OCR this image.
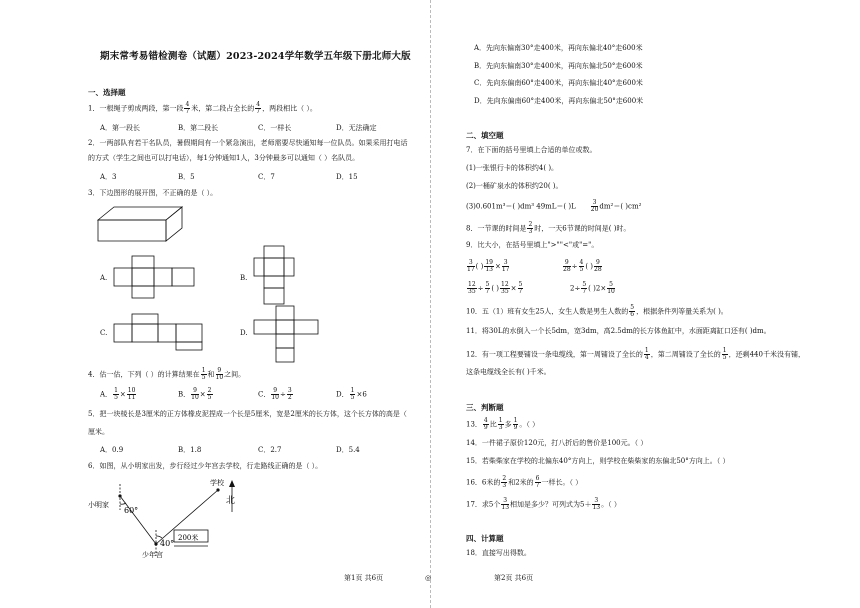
期末常考易错检测卷（试题）2023-2024学年数学五年级下册北师大版
一、选择题
1．一根绳子剪成两段，第一段 $\frac{4}{7}$ 米，第二段占全长的 $\frac{4}{7}$ ，两段相比（ ）。
A．第一段长	B．第二段长	C．一样长	D．无法确定
2．一两部队有若干名队员，暑假期间有一个紧急演出，老师需要尽快通知每一位队员。如果采用打电话
的方式（学生之间也可以打电话），每1分钟通知1人，3分钟最多可以通知（ ）名队员。
A．3	B．5	C．7	D．15
3．下边图形的展开图，不正确的是（ ）。
A.	B.
C.	D.
4．估一估，下列（ ）的计算结果在 $\frac{1}{5}$ 和 $\frac{9}{10}$ 之间。
A． $\frac{1}{5} \times \frac{10}{11}$	B． $\frac{9}{10} \times \frac{2}{5}$	C． $\frac{9}{10} \div \frac{3}{2}$	D． $\frac{1}{5} \times 6$
5．把一块棱长是3厘米的正方体橡皮泥捏成一个长是5厘米，宽是2厘米的长方体，这个长方体的高是（
厘米。
A．0.9	B．1.8	C．2.7	D．5.4
6．如图，从小明家出发，步行经过少年宫去学校，行走路线正确的是（ ）。
学校
小明家
少年宫
北
60°
40°
200米
第1页 共6页	◎
A．先向东偏南30°走400米，再向东偏北40°走600米
B．先向东偏南30°走400米，再向东偏北50°走600米
C．先向东偏南60°走400米，再向东偏北40°走600米
D．先向东偏南60°走400米，再向东偏北50°走600米
二、填空题
7．在下面的括号里填上合适的单位或数。
(1)一张银行卡的体积约4( )。
(2)一桶矿泉水的体积约20( )。
(3)0.601m³＝( )dm³ 49mL＝( )L	$\frac{3}{20} dm^2=$( )cm²
8．一节课的时间是 $\frac{2}{3}$ 时，一天6节课的时间是( )时。
9．比大小，在括号里填上">""<"或"="。
$\frac{3}{17}$ ( ) $\frac{19}{13} \times \frac{3}{17}$	$\frac{9}{28} \div \frac{4}{5}$ ( ) $\frac{9}{28}$
$\frac{12}{35} \div \frac{5}{7}$ ( ) $\frac{12}{35} \times \frac{5}{7}$	$2\div \frac{5}{7}$ ( )$2\times \frac{5}{10}$
10．五（1）班有女生25人，女生人数是男生人数的 $\frac{5}{6}$ ，根据条件列等量关系为( )。
11．将30L的水倒入一个长5dm，宽3dm，高2.5dm的长方体鱼缸中，水面距离缸口还有( )dm。
12．有一项工程要铺设一条电缆线，第一周铺设了全长的 $\frac{1}{4}$ ，第二周铺设了全长的 $\frac{1}{5}$ ，还剩440千米没有铺，
这条电缆线全长有( )千米。
三、判断题
13． $\frac{4}{9}$ 比 $\frac{1}{3}$ 多 $\frac{1}{9}$ 。（ ）
14．一件裙子原价120元，打八折后的售价是100元。（ ）
15．若柴柴家在学校的北偏东40°方向上，则学校在柴柴家的东偏北50°方向上。（ ）
16．6米的 $\frac{2}{3}$ 和2米的 $\frac{6}{7}$ 一样长。（ ）
17．求5个 $\frac{3}{13}$ 相加是多少？可列式为$5+ \frac{3}{13}$ 。（ ）
四、计算题
18．直接写出得数。
第2页 共6页
